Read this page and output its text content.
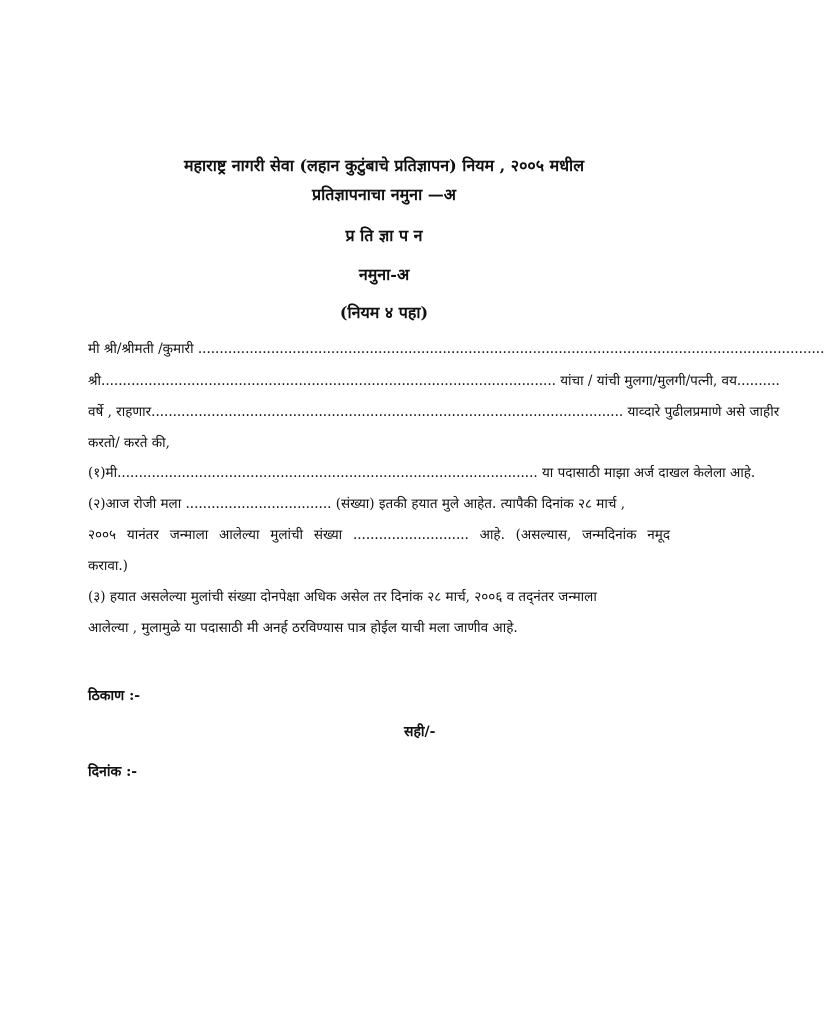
महाराष्ट्र नागरी सेवा (लहान कुटुंबाचे प्रतिज्ञापन) नियम , २००५ मधील
प्रतिज्ञापनाचा नमुना —अ
प्र ति ज्ञा प न
नमुना-अ
(नियम ४ पहा)
मी श्री/श्रीमती /कुमारी ..................................................................................................................................................
श्री.......................................................................................................... यांचा / यांची मुलगा/मुलगी/पत्नी, वय..........
वर्षे , राहणार.............................................................................................................. याव्दारे पुढीलप्रमाणे असे जाहीर
करतो/ करते की,
(१)मी.................................................................................................. या पदासाठी माझा अर्ज दाखल केलेला आहे.
(२)आज रोजी मला .................................. (संख्या) इतकी हयात मुले आहेत. त्यापैकी दिनांक २८ मार्च ,
२००५ यानंतर जन्माला आलेल्या मुलांची संख्या ........................... आहे. (असल्यास, जन्मदिनांक नमूद
करावा.)
(३) हयात असलेल्या मुलांची संख्या दोनपेक्षा अधिक असेल तर दिनांक २८ मार्च, २००६ व तद्नंतर जन्माला
आलेल्या , मुलामुळे या पदासाठी मी अनर्ह ठरविण्यास पात्र होईल याची मला जाणीव आहे.
ठिकाण :-
सही/-
दिनांक :-
